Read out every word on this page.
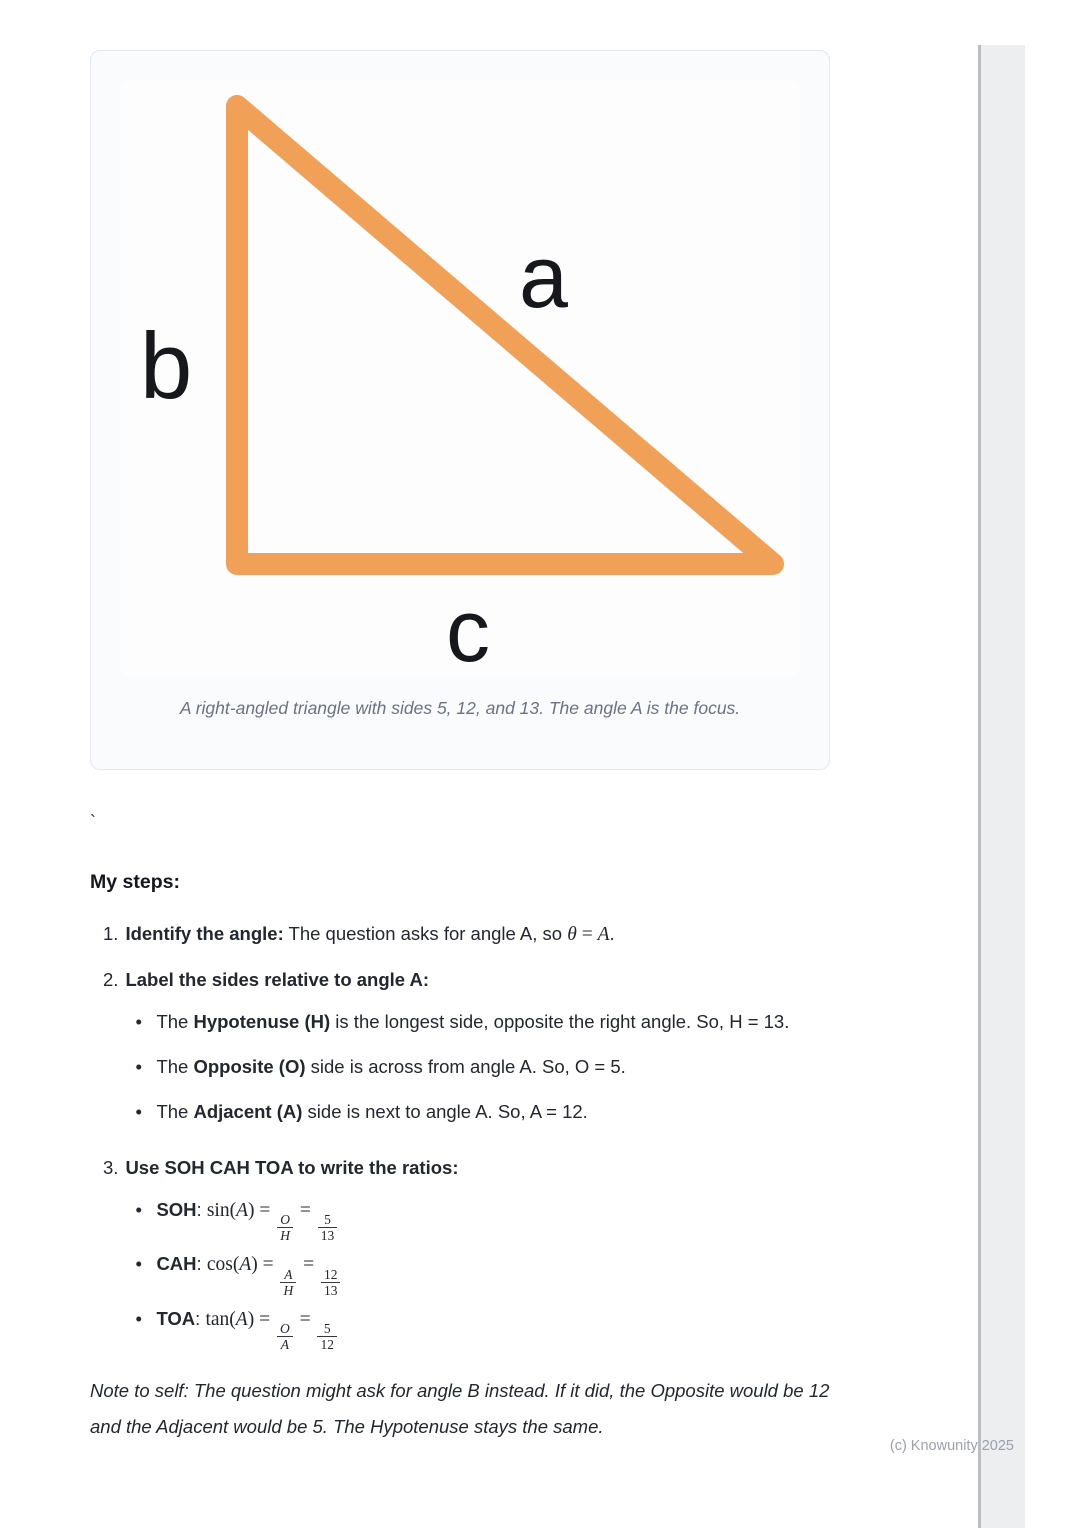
(c) Knowunity 2025
a
b
c
A right-angled triangle with sides 5, 12, and 13. The angle A is the focus.
`
My steps:
1. Identify the angle: The question asks for angle A, so θ = A.
2. Label the sides relative to angle A:
• The Hypotenuse (H) is the longest side, opposite the right angle. So, H = 13.
• The Opposite (O) side is across from angle A. So, O = 5.
• The Adjacent (A) side is next to angle A. So, A = 12.
3. Use SOH CAH TOA to write the ratios:
• SOH: sin(A) =
$\frac{O}{H}$
=
$\frac{5}{13}$
• CAH: cos(A) =
$\frac{A}{H}$
=
$\frac{12}{13}$
• TOA: tan(A) =
$\frac{O}{A}$
=
$\frac{5}{12}$
Note to self: The question might ask for angle B instead. If it did, the Opposite would be 12 and the Adjacent would be 5. The Hypotenuse stays the same.
